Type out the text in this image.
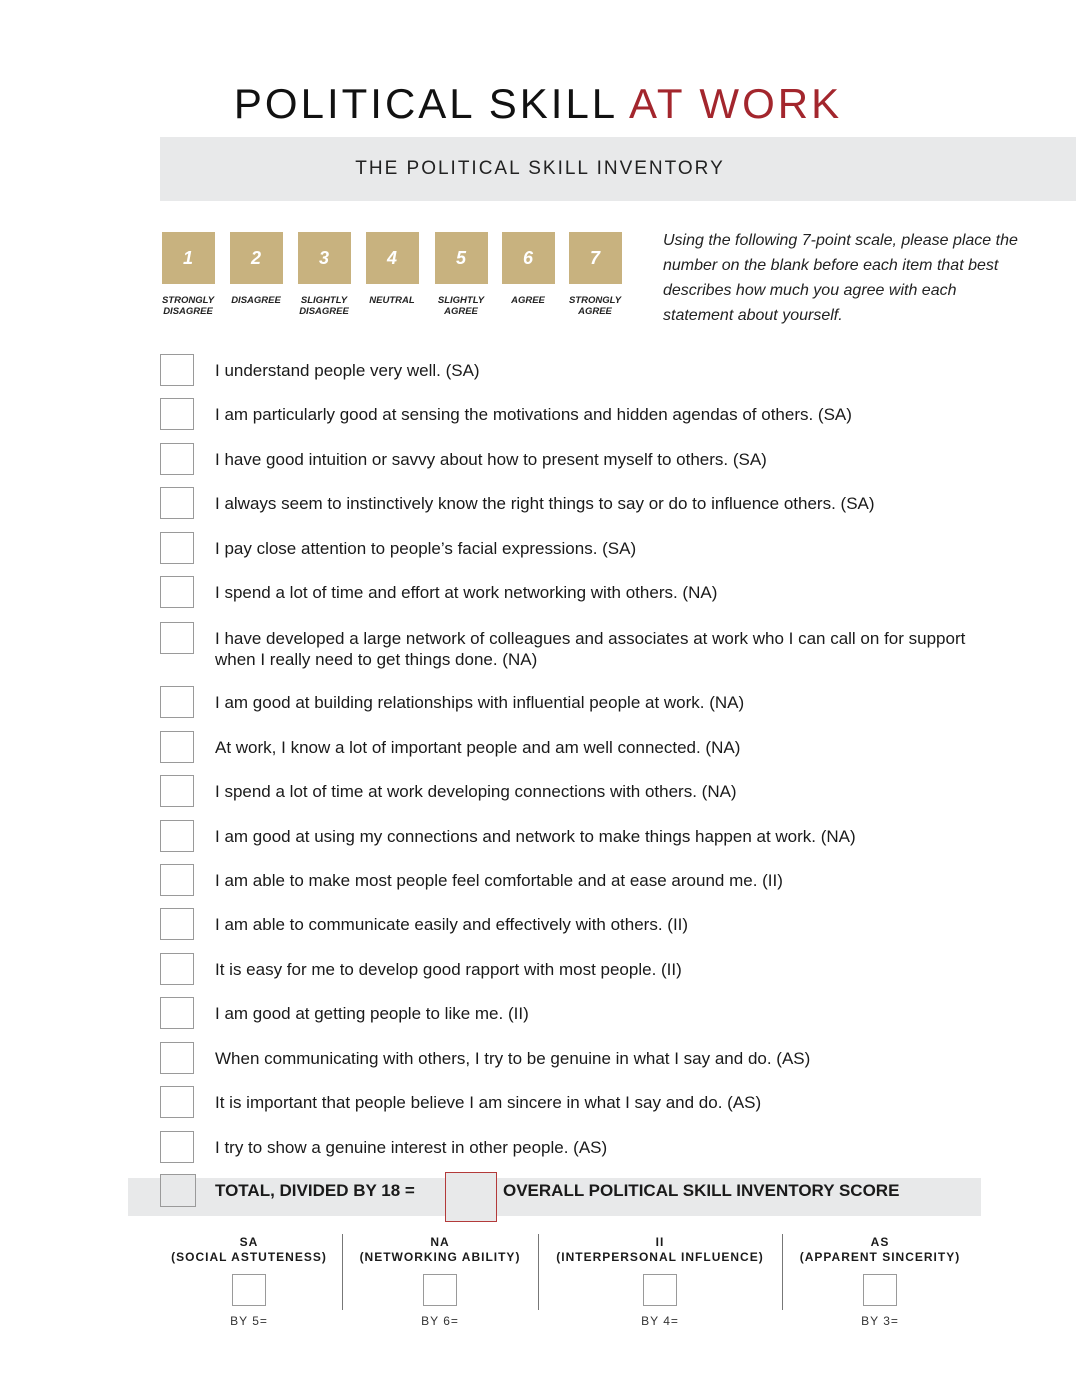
POLITICAL SKILL AT WORK
THE POLITICAL SKILL INVENTORY
1
STRONGLY
DISAGREE
2
DISAGREE
3
SLIGHTLY
DISAGREE
4
NEUTRAL
5
SLIGHTLY
AGREE
6
AGREE
7
STRONGLY
AGREE

Using the following 7-point scale, please place the number on the blank before each item that best describes how much you agree with each statement about yourself.

I understand people very well. (SA)
I am particularly good at sensing the motivations and hidden agendas of others. (SA)
I have good intuition or savvy about how to present myself to others. (SA)
I always seem to instinctively know the right things to say or do to influence others. (SA)
I pay close attention to people’s facial expressions. (SA)
I spend a lot of time and effort at work networking with others. (NA)
I have developed a large network of colleagues and associates at work who I can call on for support when I really need to get things done. (NA)
I am good at building relationships with influential people at work. (NA)
At work, I know a lot of important people and am well connected. (NA)
I spend a lot of time at work developing connections with others. (NA)
I am good at using my connections and network to make things happen at work. (NA)
I am able to make most people feel comfortable and at ease around me. (II)
I am able to communicate easily and effectively with others. (II)
It is easy for me to develop good rapport with most people. (II)
I am good at getting people to like me. (II)
When communicating with others, I try to be genuine in what I say and do. (AS)
It is important that people believe I am sincere in what I say and do. (AS)
I try to show a genuine interest in other people. (AS)
TOTAL, DIVIDED BY 18 =	OVERALL POLITICAL SKILL INVENTORY SCORE
SA
(SOCIAL ASTUTENESS)
BY 5=
NA
(NETWORKING ABILITY)
BY 6=
II
(INTERPERSONAL INFLUENCE)
BY 4=
AS
(APPARENT SINCERITY)
BY 3=
